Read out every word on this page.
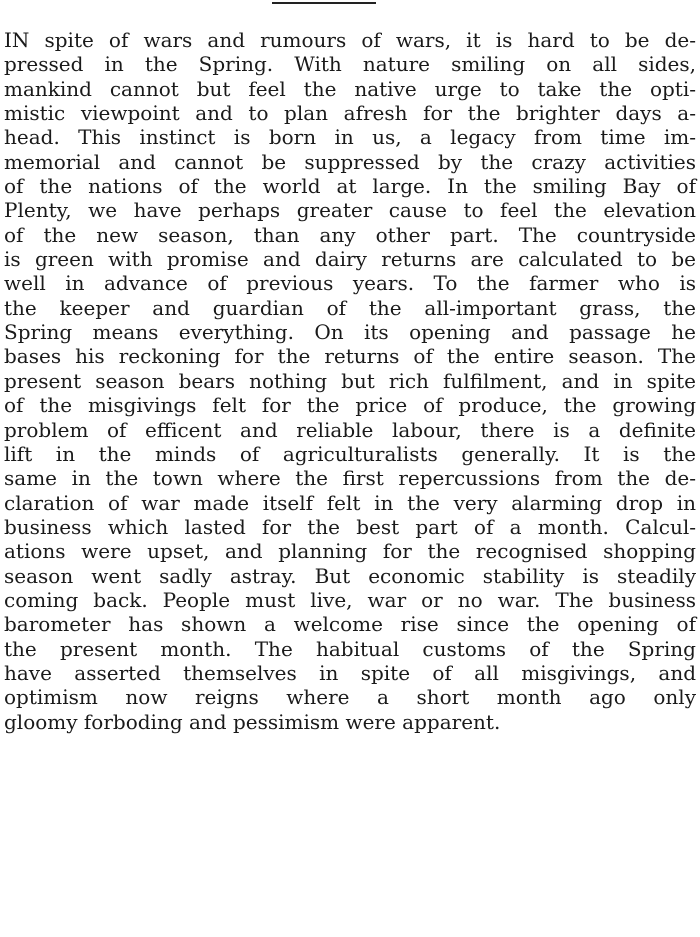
IN spite of wars and rumours of wars, it is hard to be de-
pressed in the Spring. With nature smiling on all sides,
mankind cannot but feel the native urge to take the opti-
mistic viewpoint and to plan afresh for the brighter days a-
head. This instinct is born in us, a legacy from time im-
memorial and cannot be suppressed by the crazy activities
of the nations of the world at large. In the smiling Bay of
Plenty, we have perhaps greater cause to feel the elevation
of the new season, than any other part. The countryside
is green with promise and dairy returns are calculated to be
well in advance of previous years. To the farmer who is
the keeper and guardian of the all-important grass, the
Spring means everything. On its opening and passage he
bases his reckoning for the returns of the entire season. The
present season bears nothing but rich fulfilment, and in spite
of the misgivings felt for the price of produce, the growing
problem of efficent and reliable labour, there is a definite
lift in the minds of agriculturalists generally. It is the
same in the town where the first repercussions from the de-
claration of war made itself felt in the very alarming drop in
business which lasted for the best part of a month. Calcul-
ations were upset, and planning for the recognised shopping
season went sadly astray. But economic stability is steadily
coming back. People must live, war or no war. The business
barometer has shown a welcome rise since the opening of
the present month. The habitual customs of the Spring
have asserted themselves in spite of all misgivings, and
optimism now reigns where a short month ago only
gloomy forboding and pessimism were apparent.
